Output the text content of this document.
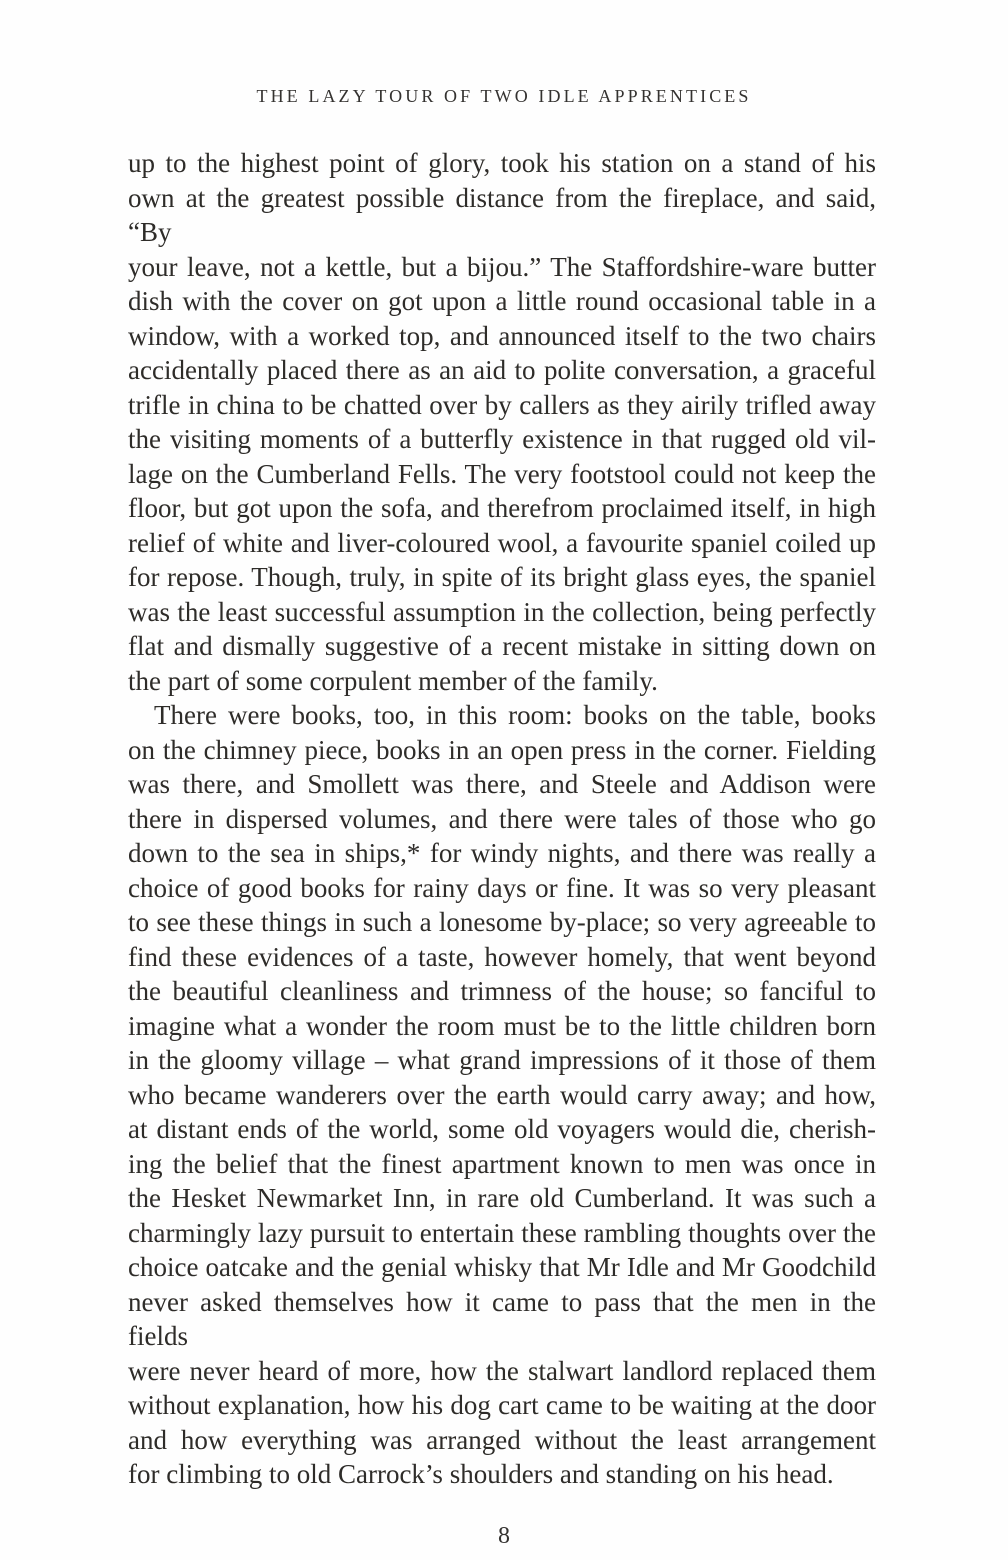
THE LAZY TOUR OF TWO IDLE APPRENTICES

up to the highest point of glory, took his station on a stand of his
own at the greatest possible distance from the fireplace, and said, “By
your leave, not a kettle, but a bijou.” The Staffordshire-ware butter
dish with the cover on got upon a little round occasional table in a
window, with a worked top, and announced itself to the two chairs
accidentally placed there as an aid to polite conversation, a graceful
trifle in china to be chatted over by callers as they airily trifled away
the visiting moments of a butterfly existence in that rugged old vil-
lage on the Cumberland Fells. The very footstool could not keep the
floor, but got upon the sofa, and therefrom proclaimed itself, in high
relief of white and liver-coloured wool, a favourite spaniel coiled up
for repose. Though, truly, in spite of its bright glass eyes, the spaniel
was the least successful assumption in the collection, being perfectly
flat and dismally suggestive of a recent mistake in sitting down on
the part of some corpulent member of the family.

There were books, too, in this room: books on the table, books
on the chimney piece, books in an open press in the corner. Fielding
was there, and Smollett was there, and Steele and Addison were
there in dispersed volumes, and there were tales of those who go
down to the sea in ships,* for windy nights, and there was really a
choice of good books for rainy days or fine. It was so very pleasant
to see these things in such a lonesome by-place; so very agreeable to
find these evidences of a taste, however homely, that went beyond
the beautiful cleanliness and trimness of the house; so fanciful to
imagine what a wonder the room must be to the little children born
in the gloomy village – what grand impressions of it those of them
who became wanderers over the earth would carry away; and how,
at distant ends of the world, some old voyagers would die, cherish-
ing the belief that the finest apartment known to men was once in
the Hesket Newmarket Inn, in rare old Cumberland. It was such a
charmingly lazy pursuit to entertain these rambling thoughts over the
choice oatcake and the genial whisky that Mr Idle and Mr Goodchild
never asked themselves how it came to pass that the men in the fields
were never heard of more, how the stalwart landlord replaced them
without explanation, how his dog cart came to be waiting at the door
and how everything was arranged without the least arrangement
for climbing to old Carrock’s shoulders and standing on his head.

8
